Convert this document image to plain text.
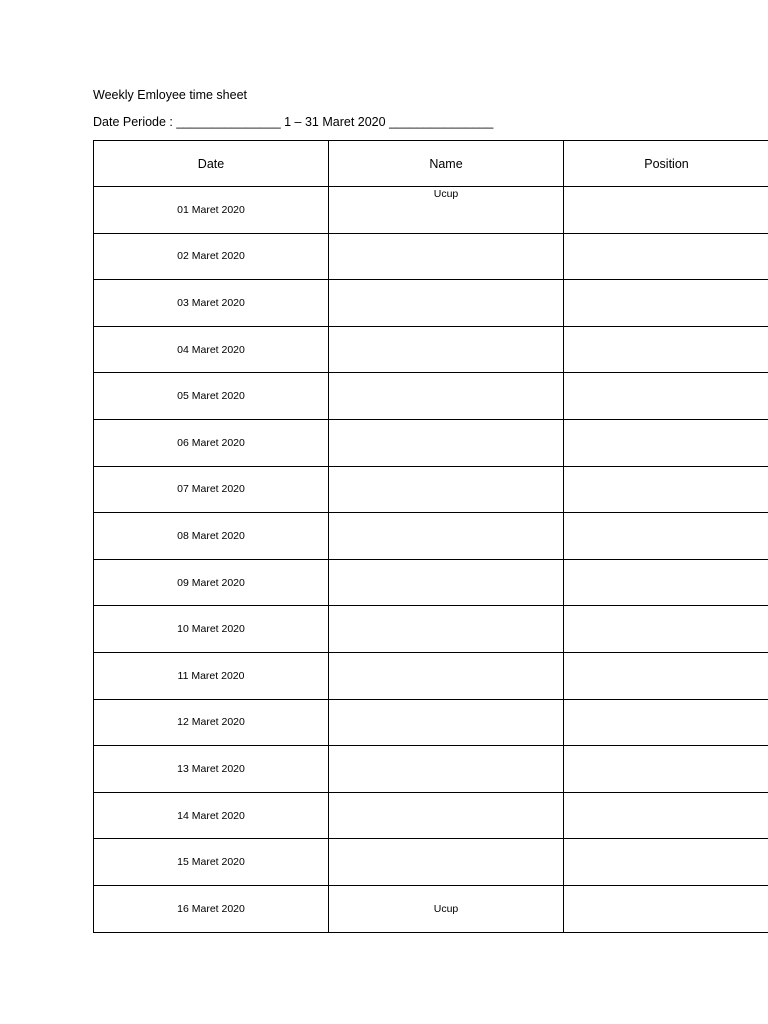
Weekly Emloyee time sheet
Date Periode : _______________ 1 – 31 Maret 2020 _______________
Date	Name	Position
01 Maret 2020	Ucup	

02 Maret 2020		
03 Maret 2020		
04 Maret 2020		
05 Maret 2020		
06 Maret 2020		
07 Maret 2020		
08 Maret 2020		
09 Maret 2020		
10 Maret 2020		
11 Maret 2020		
12 Maret 2020		
13 Maret 2020		
14 Maret 2020		
15 Maret 2020		
16 Maret 2020	Ucup	
